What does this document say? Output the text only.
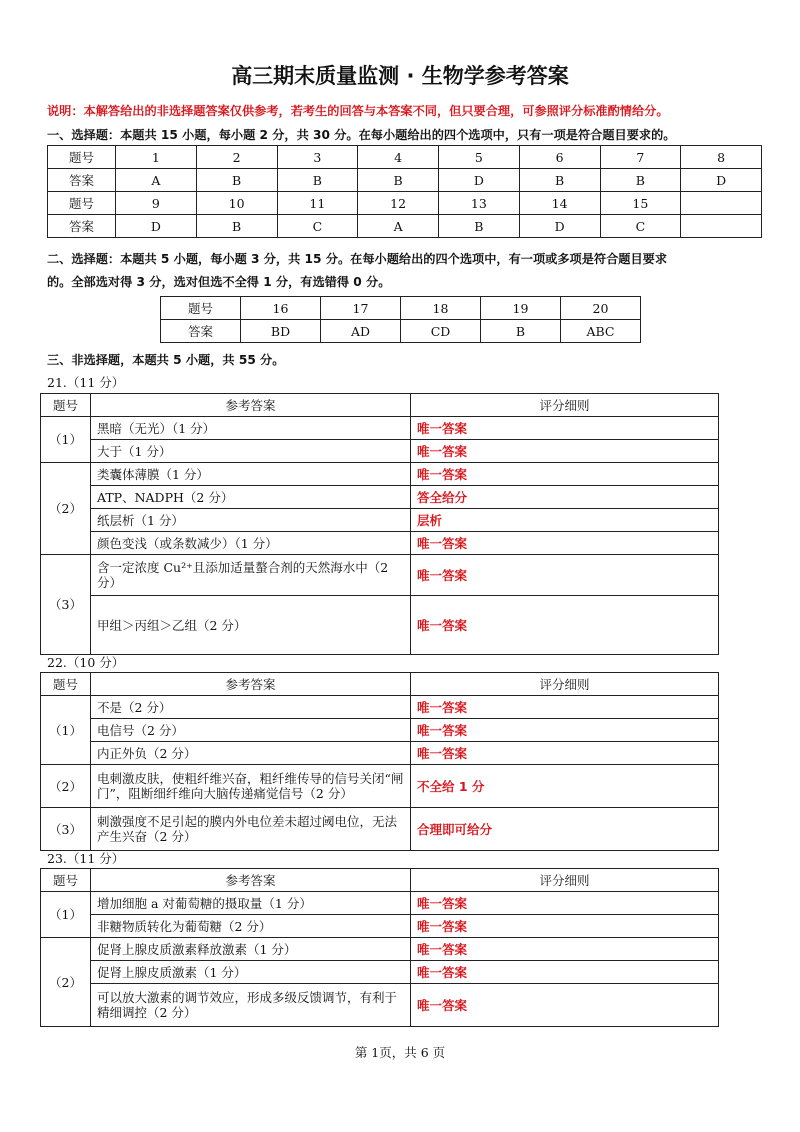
高三期末质量监测 · 生物学参考答案
说明：本解答给出的非选择题答案仅供参考，若考生的回答与本答案不同，但只要合理，可参照评分标准酌情给分。
一、选择题：本题共 15 小题，每小题 2 分，共 30 分。在每小题给出的四个选项中，只有一项是符合题目要求的。
题号	1	2	3	4	5	6	7	8
答案	A	B	B	B	D	B	B	D
题号	9	10	11	12	13	14	15	
答案	D	B	C	A	B	D	C	
二、选择题：本题共 5 小题，每小题 3 分，共 15 分。在每小题给出的四个选项中，有一项或多项是符合题目要求
的。全部选对得 3 分，选对但选不全得 1 分，有选错得 0 分。
题号	16	17	18	19	20
答案	BD	AD	CD	B	ABC
三、非选择题，本题共 5 小题，共 55 分。
21.（11 分）
题号	参考答案	评分细则
（1）	黑暗（无光）（1 分）	唯一答案
	大于（1 分）	唯一答案
（2）	类囊体薄膜（1 分）	唯一答案
	ATP、NADPH（2 分）	答全给分
	纸层析（1 分）	层析
	颜色变浅（或条数减少）（1 分）	唯一答案
（3）	含一定浓度 Cu²⁺且添加适量螯合剂的天然海水中（2 分）	唯一答案
	甲组＞丙组＞乙组（2 分）	唯一答案
22.（10 分）
题号	参考答案	评分细则
（1）	不是（2 分）	唯一答案
	电信号（2 分）	唯一答案
	内正外负（2 分）	唯一答案
（2）	电刺激皮肤，使粗纤维兴奋，粗纤维传导的信号关闭“闸门”，阻断细纤维向大脑传递痛觉信号（2 分）	不全给 1 分
（3）	刺激强度不足引起的膜内外电位差未超过阈电位，无法产生兴奋（2 分）	合理即可给分
23.（11 分）
题号	参考答案	评分细则
（1）	增加细胞 a 对葡萄糖的摄取量（1 分）	唯一答案
	非糖物质转化为葡萄糖（2 分）	唯一答案
（2）	促肾上腺皮质激素释放激素（1 分）	唯一答案
	促肾上腺皮质激素（1 分）	唯一答案
	可以放大激素的调节效应，形成多级反馈调节，有利于精细调控（2 分）	唯一答案
第 1页，共 6 页
